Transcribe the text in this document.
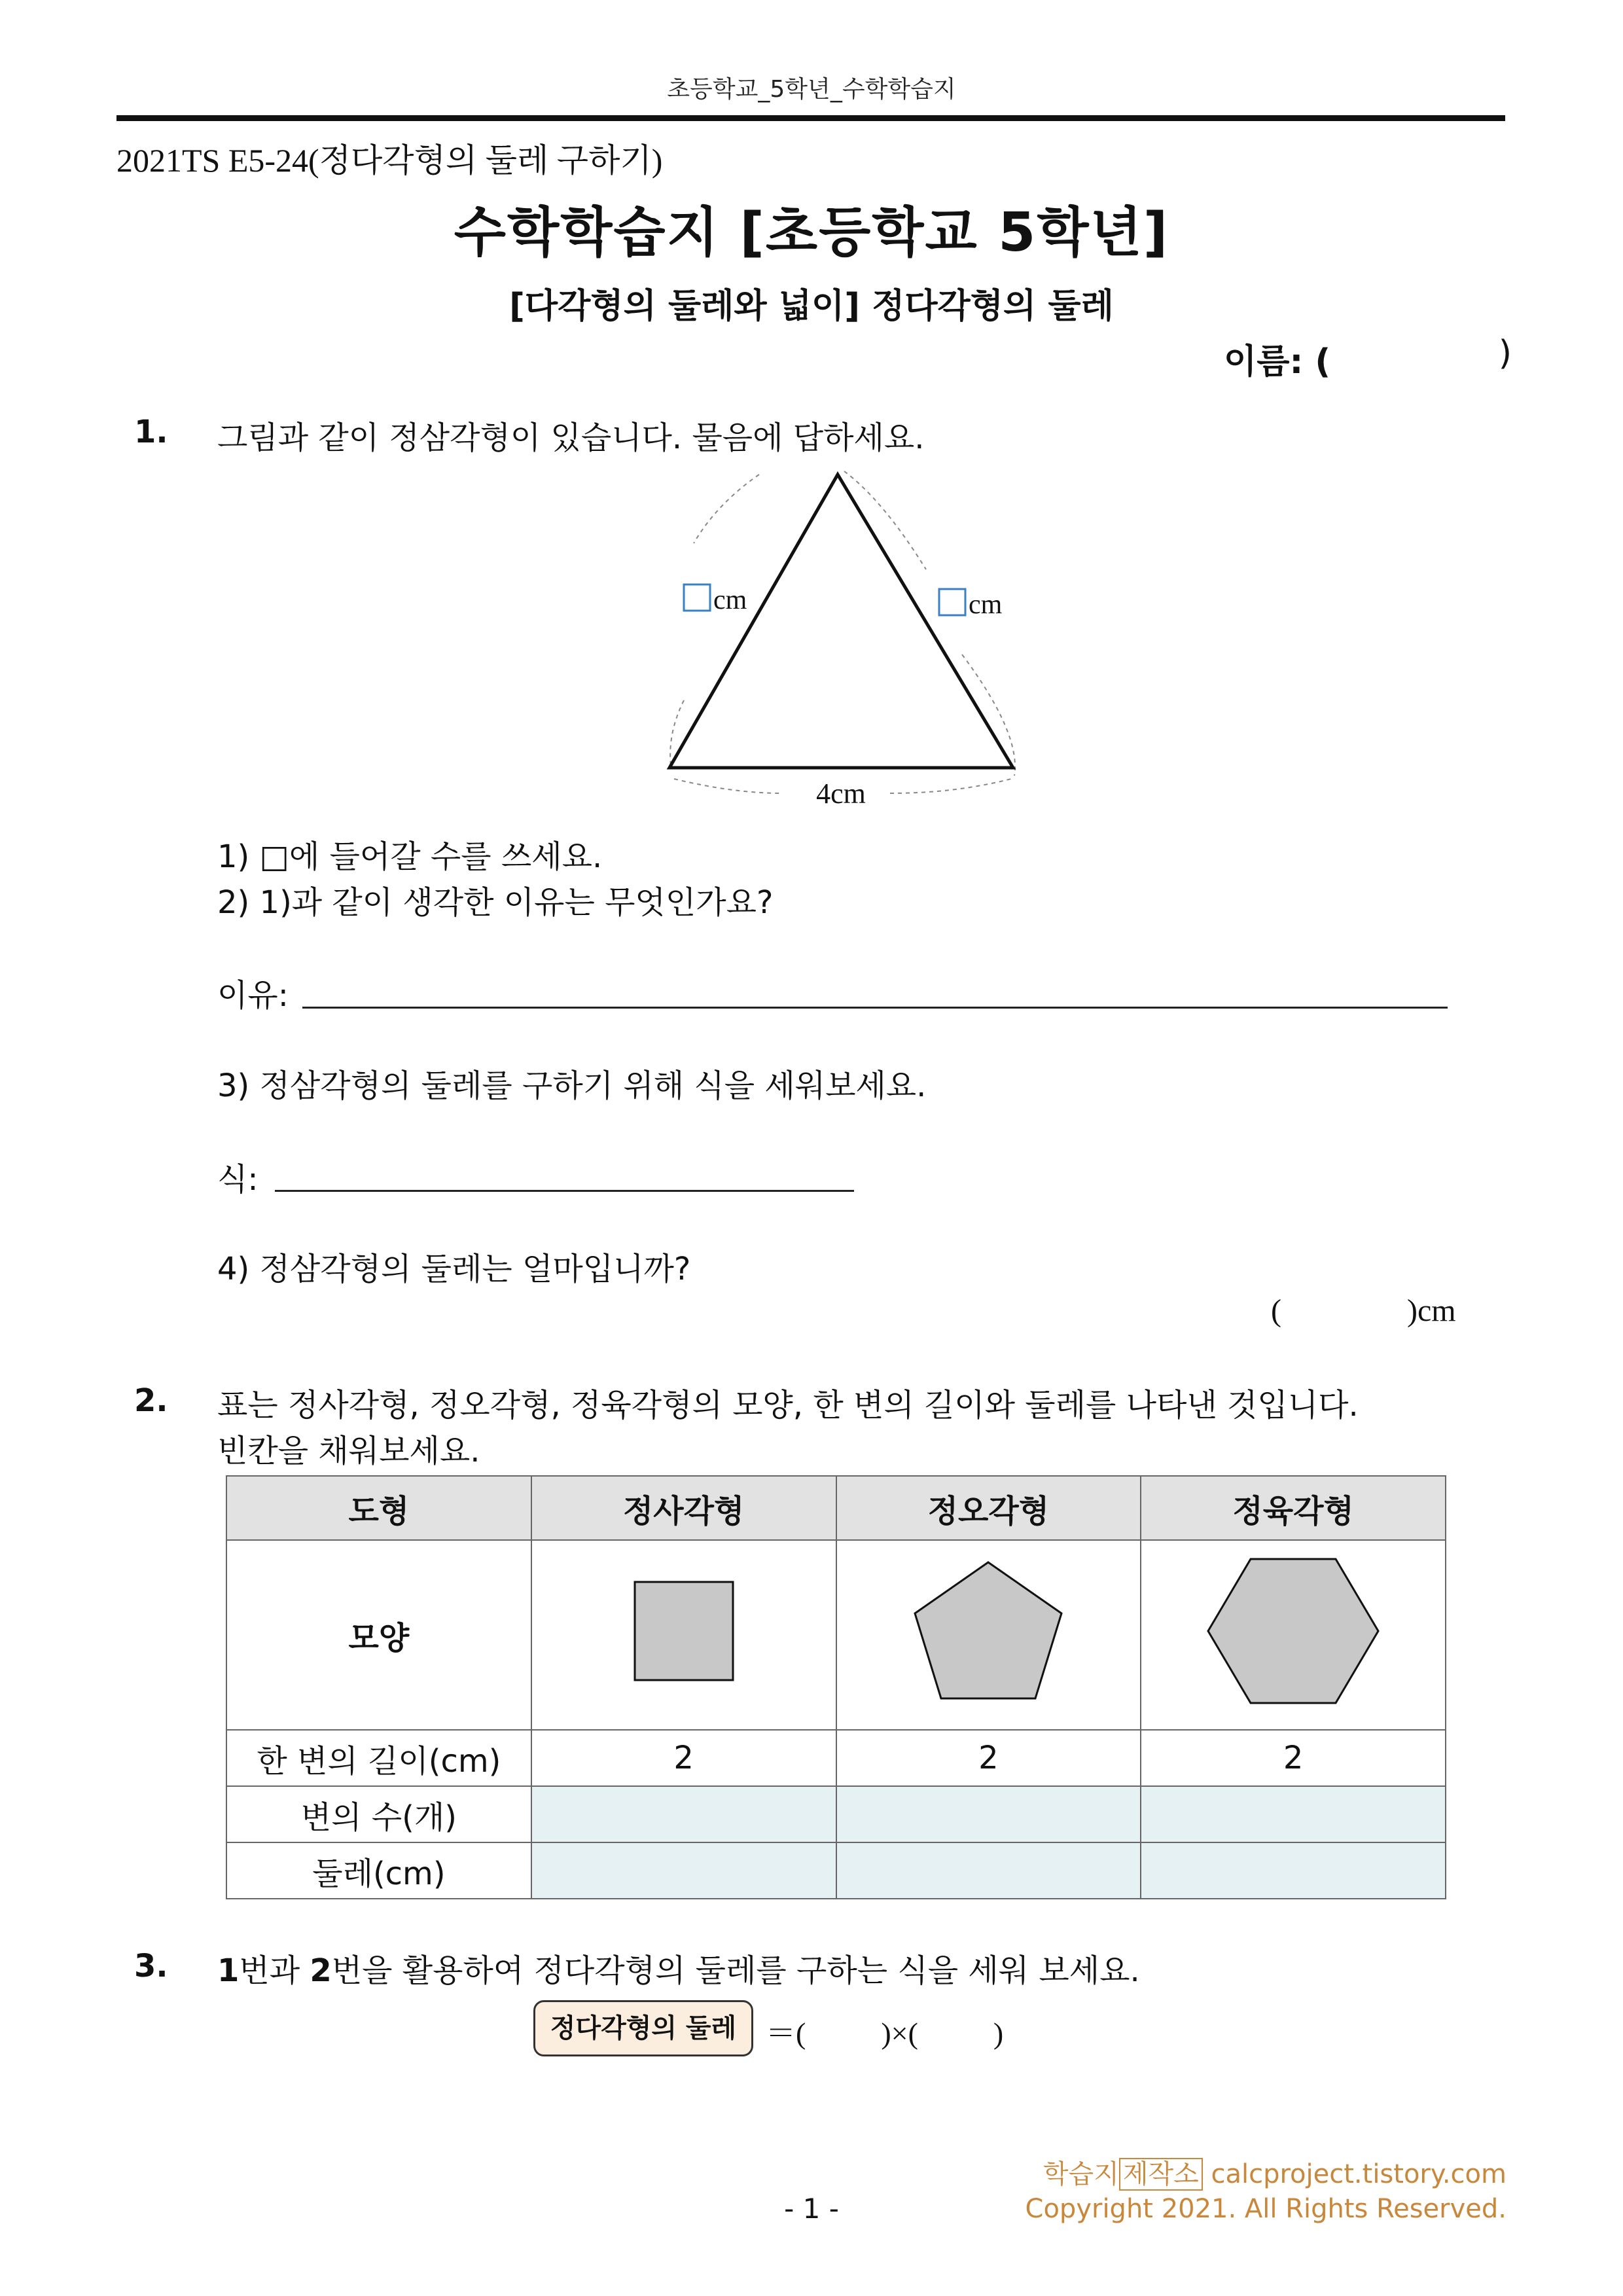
초등학교_5학년_수학학습지
2021TS E5-24(정다각형의 둘레 구하기)
수학학습지 [초등학교 5학년]
[다각형의 둘레와 넓이] 정다각형의 둘레
이름: (	)
1. 그림과 같이 정삼각형이 있습니다. 물음에 답하세요.
cm	cm
4cm
1) □에 들어갈 수를 쓰세요.
2) 1)과 같이 생각한 이유는 무엇인가요?
이유:
3) 정삼각형의 둘레를 구하기 위해 식을 세워보세요.
식:
4) 정삼각형의 둘레는 얼마입니까?
(	)cm
2. 표는 정사각형, 정오각형, 정육각형의 모양, 한 변의 길이와 둘레를 나타낸 것입니다.
빈칸을 채워보세요.
도형	정사각형	정오각형	정육각형
모양			
한 변의 길이(cm)	2	2	2
변의 수(개)			
둘레(cm)			
3. 1번과 2번을 활용하여 정다각형의 둘레를 구하는 식을 세워 보세요.
정다각형의 둘레 ＝(          )×(          )
학습지 제작소 calcproject.tistory.com
Copyright 2021. All Rights Reserved.
- 1 -
